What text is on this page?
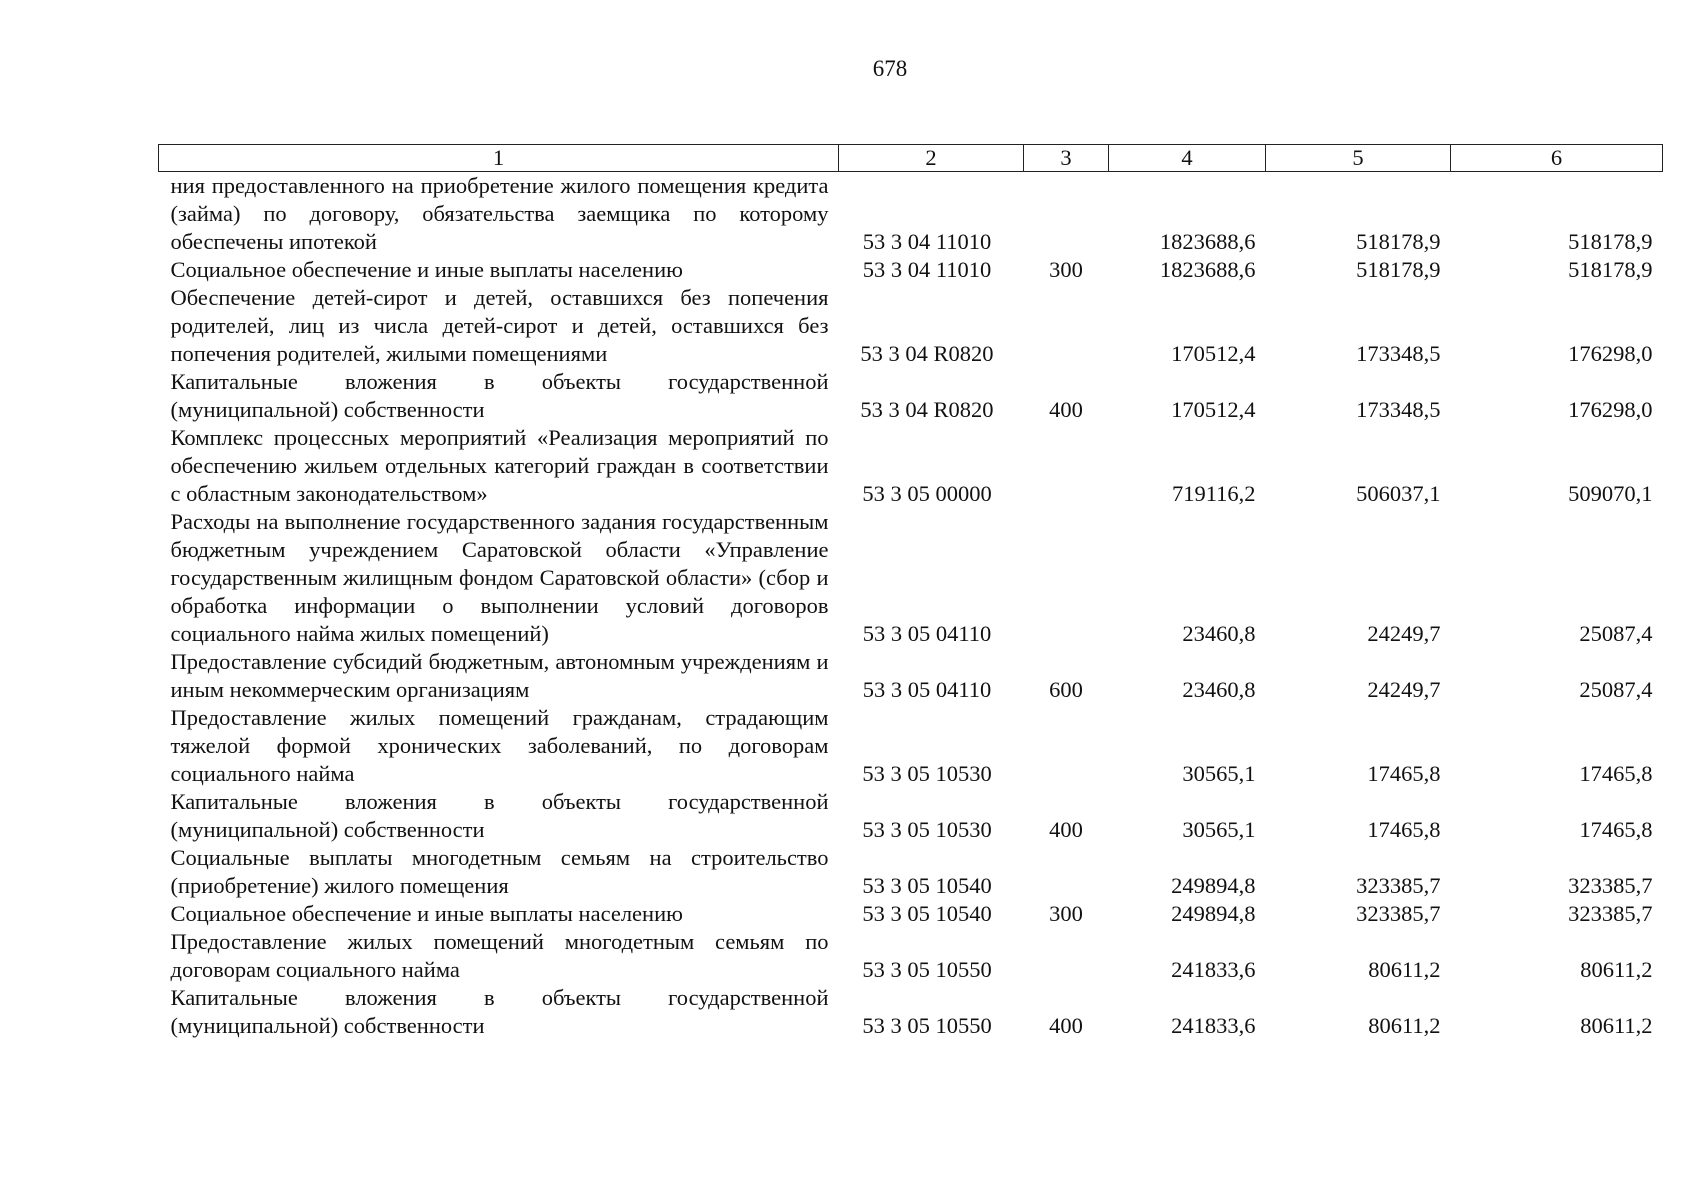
678
1	2	3	4	5	6
ния предоставленного на приобретение жилого помещения кредита (займа) по договору, обязательства заемщика по которому обеспечены ипотекой	53 3 04 11010		1823688,6	518178,9	518178,9
Социальное обеспечение и иные выплаты населению	53 3 04 11010	300	1823688,6	518178,9	518178,9
Обеспечение детей-сирот и детей, оставшихся без попечения родителей, лиц из числа детей-сирот и детей, оставшихся без попечения родителей, жилыми помещениями	53 3 04 R0820		170512,4	173348,5	176298,0
Капитальные вложения в объекты государственной (муниципальной) собственности	53 3 04 R0820	400	170512,4	173348,5	176298,0
Комплекс процессных мероприятий «Реализация мероприятий по обеспечению жильем отдельных категорий граждан в соответствии с областным законодательством»	53 3 05 00000		719116,2	506037,1	509070,1
Расходы на выполнение государственного задания государственным бюджетным учреждением Саратовской области «Управление государственным жилищным фондом Саратовской области» (сбор и обработка информации о выполнении условий договоров социального найма жилых помещений)	53 3 05 04110		23460,8	24249,7	25087,4
Предоставление субсидий бюджетным, автономным учреждениям и иным некоммерческим организациям	53 3 05 04110	600	23460,8	24249,7	25087,4
Предоставление жилых помещений гражданам, страдающим тяжелой формой хронических заболеваний, по договорам социального найма	53 3 05 10530		30565,1	17465,8	17465,8
Капитальные вложения в объекты государственной (муниципальной) собственности	53 3 05 10530	400	30565,1	17465,8	17465,8
Социальные выплаты многодетным семьям на строительство (приобретение) жилого помещения	53 3 05 10540		249894,8	323385,7	323385,7
Социальное обеспечение и иные выплаты населению	53 3 05 10540	300	249894,8	323385,7	323385,7
Предоставление жилых помещений многодетным семьям по договорам социального найма	53 3 05 10550		241833,6	80611,2	80611,2
Капитальные вложения в объекты государственной (муниципальной) собственности	53 3 05 10550	400	241833,6	80611,2	80611,2
